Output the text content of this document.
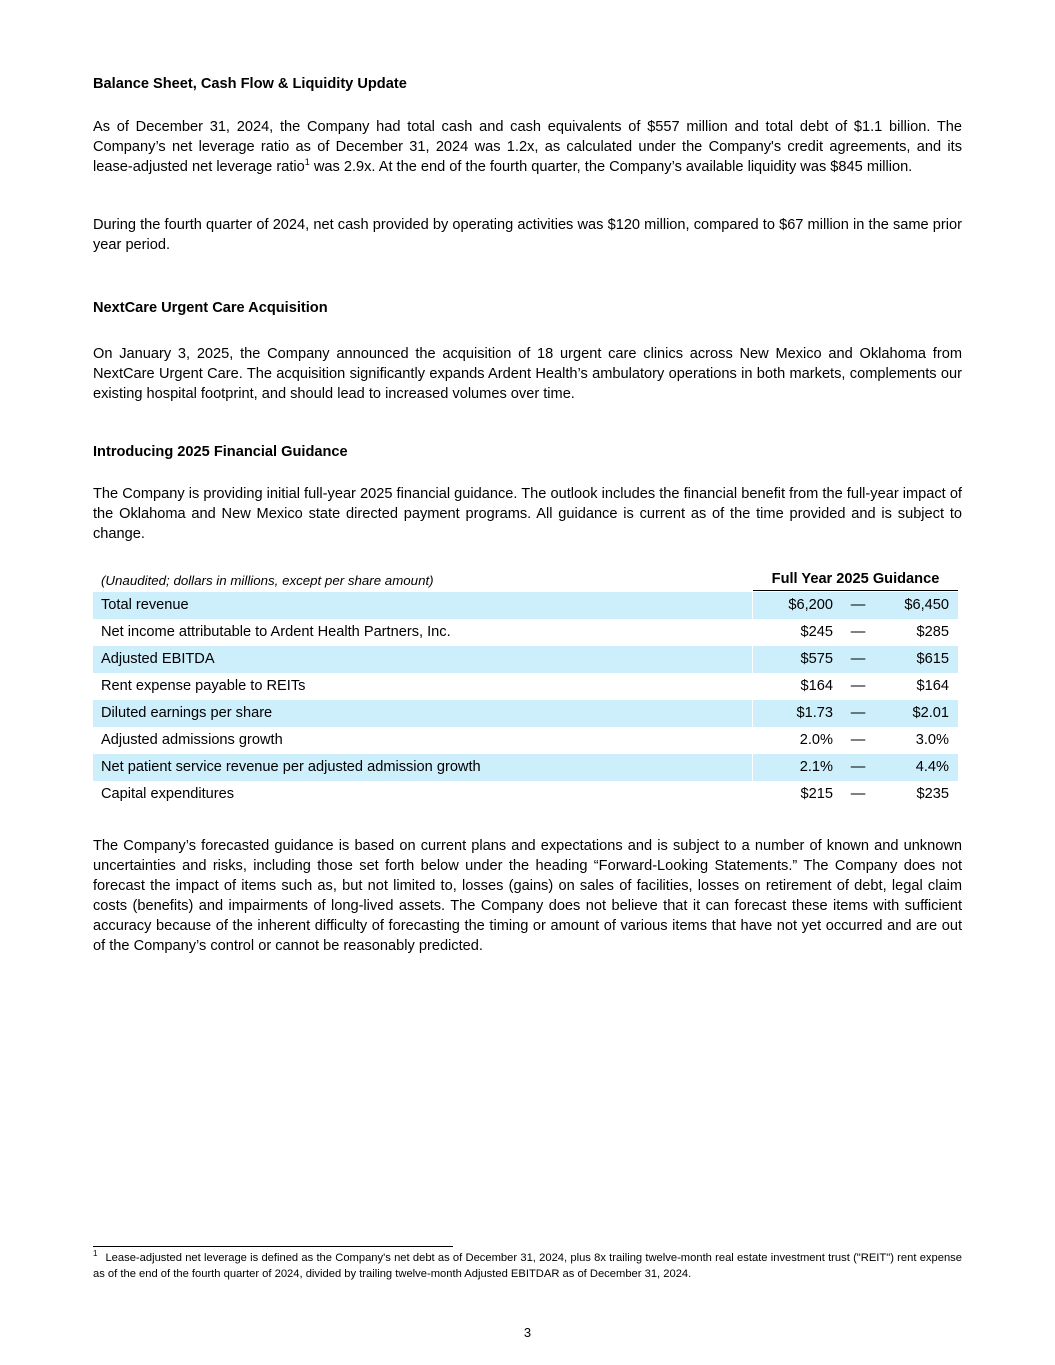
Balance Sheet, Cash Flow & Liquidity Update
As of December 31, 2024, the Company had total cash and cash equivalents of $557 million and total debt of $1.1 billion. The Company’s net leverage ratio as of December 31, 2024 was 1.2x, as calculated under the Company's credit agreements, and its lease-adjusted net leverage ratio$^1$ was 2.9x. At the end of the fourth quarter, the Company’s available liquidity was $845 million.
During the fourth quarter of 2024, net cash provided by operating activities was $120 million, compared to $67 million in the same prior year period.
NextCare Urgent Care Acquisition
On January 3, 2025, the Company announced the acquisition of 18 urgent care clinics across New Mexico and Oklahoma from NextCare Urgent Care. The acquisition significantly expands Ardent Health’s ambulatory operations in both markets, complements our existing hospital footprint, and should lead to increased volumes over time.
Introducing 2025 Financial Guidance
The Company is providing initial full-year 2025 financial guidance. The outlook includes the financial benefit from the full-year impact of the Oklahoma and New Mexico state directed payment programs. All guidance is current as of the time provided and is subject to change.
(Unaudited; dollars in millions, except per share amount)	Full Year 2025 Guidance
Total revenue	$6,200	—	$6,450
Net income attributable to Ardent Health Partners, Inc.	$245	—	$285
Adjusted EBITDA	$575	—	$615
Rent expense payable to REITs	$164	—	$164
Diluted earnings per share	$1.73	—	$2.01
Adjusted admissions growth	2.0%	—	3.0%
Net patient service revenue per adjusted admission growth	2.1%	—	4.4%
Capital expenditures	$215	—	$235
The Company’s forecasted guidance is based on current plans and expectations and is subject to a number of known and unknown uncertainties and risks, including those set forth below under the heading “Forward-Looking Statements.” The Company does not forecast the impact of items such as, but not limited to, losses (gains) on sales of facilities, losses on retirement of debt, legal claim costs (benefits) and impairments of long-lived assets. The Company does not believe that it can forecast these items with sufficient accuracy because of the inherent difficulty of forecasting the timing or amount of various items that have not yet occurred and are out of the Company’s control or cannot be reasonably predicted.
$^1$ Lease-adjusted net leverage is defined as the Company's net debt as of December 31, 2024, plus 8x trailing twelve-month real estate investment trust ("REIT") rent expense as of the end of the fourth quarter of 2024, divided by trailing twelve-month Adjusted EBITDAR as of December 31, 2024.
3
